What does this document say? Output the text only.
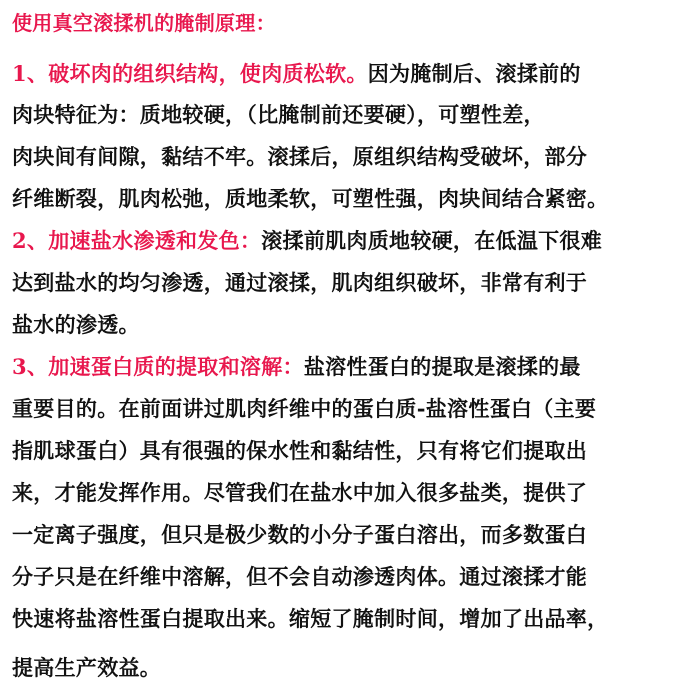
使用真空滚揉机的腌制原理：
1、破坏肉的组织结构，使肉质松软。因为腌制后、滚揉前的
肉块特征为：质地较硬，（比腌制前还要硬），可塑性差，
肉块间有间隙，黏结不牢。滚揉后，原组织结构受破坏，部分
纤维断裂，肌肉松弛，质地柔软，可塑性强，肉块间结合紧密。
2、加速盐水渗透和发色：滚揉前肌肉质地较硬，在低温下很难
达到盐水的均匀渗透，通过滚揉，肌肉组织破坏，非常有利于
盐水的渗透。
3、加速蛋白质的提取和溶解：盐溶性蛋白的提取是滚揉的最
重要目的。在前面讲过肌肉纤维中的蛋白质-盐溶性蛋白（主要
指肌球蛋白）具有很强的保水性和黏结性，只有将它们提取出
来，才能发挥作用。尽管我们在盐水中加入很多盐类，提供了
一定离子强度，但只是极少数的小分子蛋白溶出，而多数蛋白
分子只是在纤维中溶解，但不会自动渗透肉体。通过滚揉才能
快速将盐溶性蛋白提取出来。缩短了腌制时间，增加了出品率，
提高生产效益。
